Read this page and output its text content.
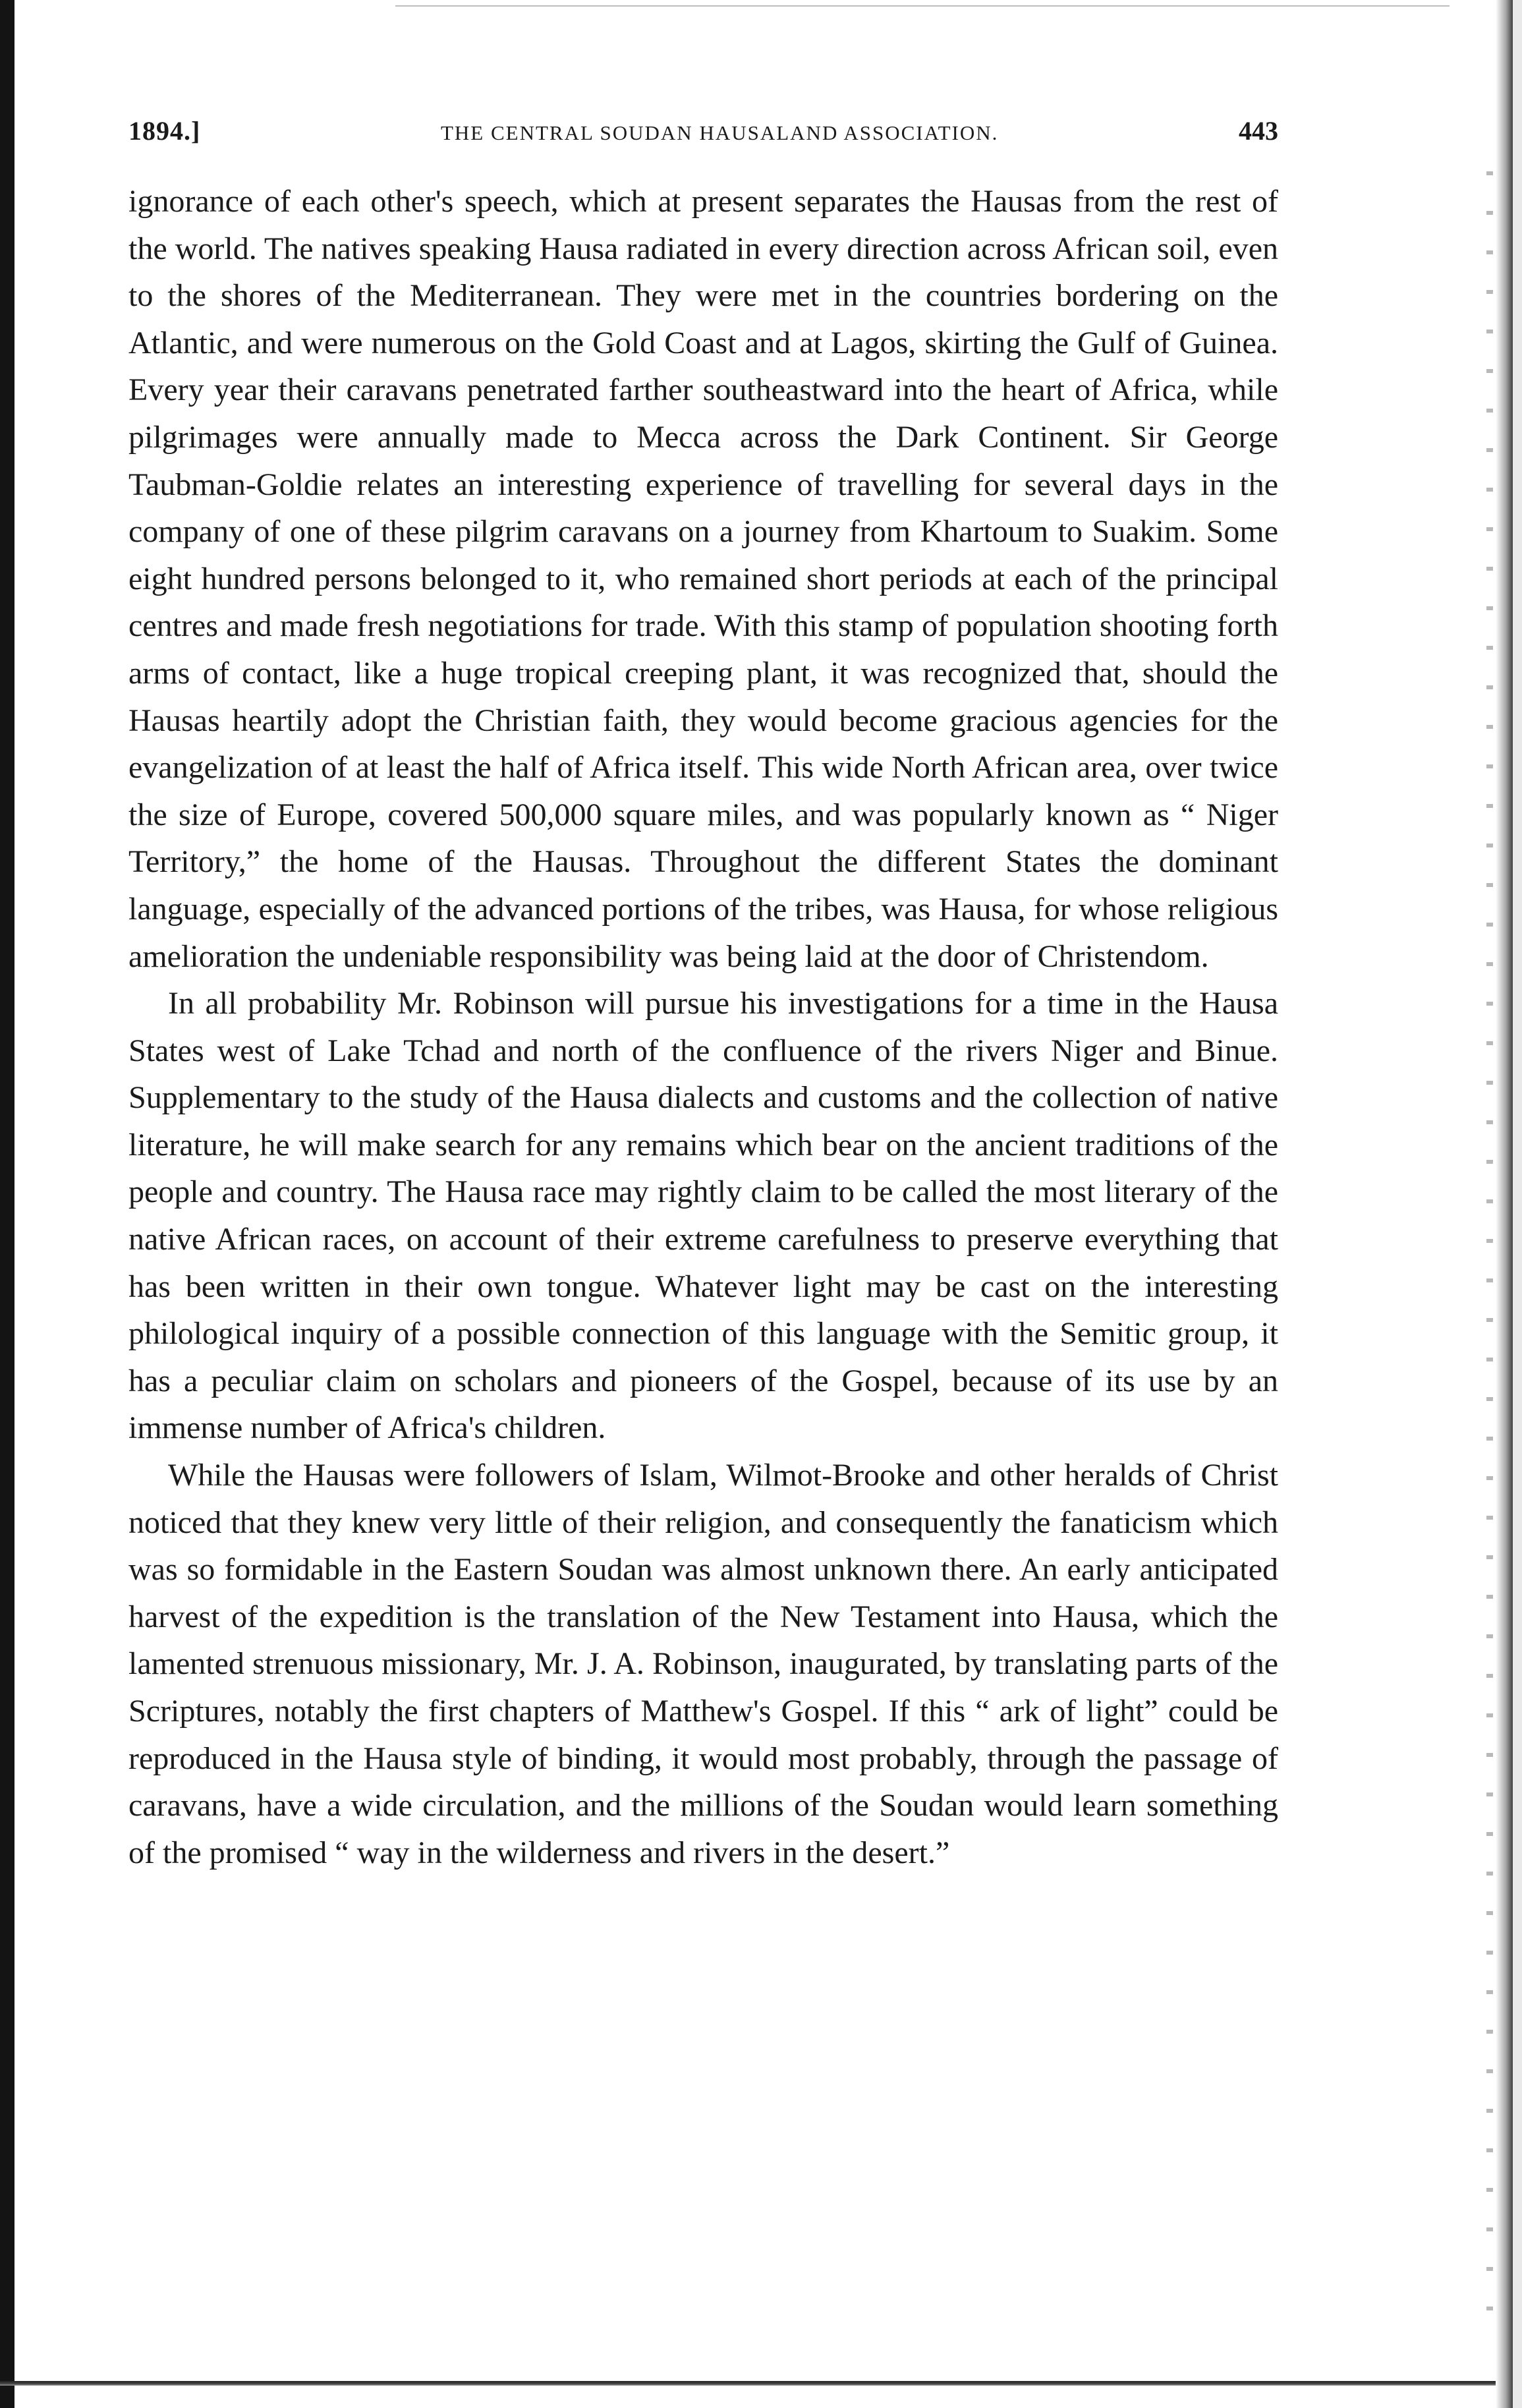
1894.]	THE CENTRAL SOUDAN HAUSALAND ASSOCIATION.	443

ignorance of each other's speech, which at present separates the Hausas from the rest of the world. The natives speaking Hausa radiated in every direction across African soil, even to the shores of the Mediterranean. They were met in the countries bordering on the Atlantic, and were numerous on the Gold Coast and at Lagos, skirting the Gulf of Guinea. Every year their caravans penetrated farther southeastward into the heart of Africa, while pilgrimages were annually made to Mecca across the Dark Continent. Sir George Taubman-Goldie relates an interesting experience of travelling for several days in the company of one of these pilgrim caravans on a journey from Khartoum to Suakim. Some eight hundred persons belonged to it, who remained short periods at each of the principal centres and made fresh negotiations for trade. With this stamp of population shooting forth arms of contact, like a huge tropical creeping plant, it was recognized that, should the Hausas heartily adopt the Christian faith, they would become gracious agencies for the evangelization of at least the half of Africa itself. This wide North African area, over twice the size of Europe, covered 500,000 square miles, and was popularly known as “ Niger Territory,” the home of the Hausas. Throughout the different States the dominant language, especially of the advanced portions of the tribes, was Hausa, for whose religious amelioration the undeniable responsibility was being laid at the door of Christendom.

In all probability Mr. Robinson will pursue his investigations for a time in the Hausa States west of Lake Tchad and north of the confluence of the rivers Niger and Binue. Supplementary to the study of the Hausa dialects and customs and the collection of native literature, he will make search for any remains which bear on the ancient traditions of the people and country. The Hausa race may rightly claim to be called the most literary of the native African races, on account of their extreme carefulness to preserve everything that has been written in their own tongue. Whatever light may be cast on the interesting philological inquiry of a possible connection of this language with the Semitic group, it has a peculiar claim on scholars and pioneers of the Gospel, because of its use by an immense number of Africa's children.

While the Hausas were followers of Islam, Wilmot-Brooke and other heralds of Christ noticed that they knew very little of their religion, and consequently the fanaticism which was so formidable in the Eastern Soudan was almost unknown there. An early anticipated harvest of the expedition is the translation of the New Testament into Hausa, which the lamented strenuous missionary, Mr. J. A. Robinson, inaugurated, by translating parts of the Scriptures, notably the first chapters of Matthew's Gospel. If this “ ark of light” could be reproduced in the Hausa style of binding, it would most probably, through the passage of caravans, have a wide circulation, and the millions of the Soudan would learn something of the promised “ way in the wilderness and rivers in the desert.”
